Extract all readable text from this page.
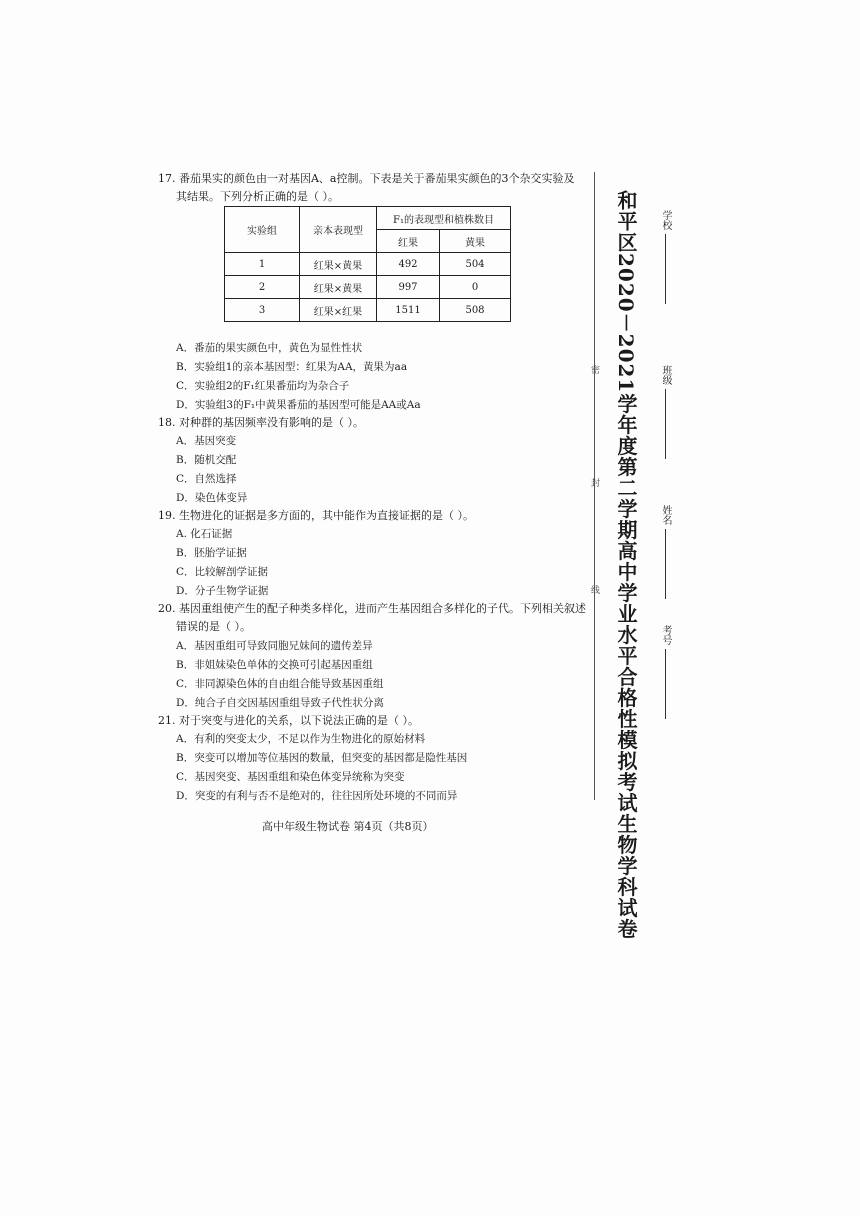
17. 番茄果实的颜色由一对基因A、a控制。下表是关于番茄果实颜色的3个杂交实验及
其结果。下列分析正确的是（ ）。
实验组	亲本表现型	F₁的表现型和植株数目	
		红果	黄果
1	红果×黄果	492	504
2	红果×黄果	997	0
3	红果×红果	1511	508
A．番茄的果实颜色中，黄色为显性性状
B．实验组1的亲本基因型：红果为AA，黄果为aa
C．实验组2的F₁红果番茄均为杂合子
D．实验组3的F₁中黄果番茄的基因型可能是AA或Aa
18. 对种群的基因频率没有影响的是（ ）。
A．基因突变
B．随机交配
C．自然选择
D．染色体变异
19. 生物进化的证据是多方面的，其中能作为直接证据的是（ ）。
A. 化石证据
B．胚胎学证据
C．比较解剖学证据
D．分子生物学证据
20. 基因重组使产生的配子种类多样化，进而产生基因组合多样化的子代。下列相关叙述
错误的是（ ）。
A．基因重组可导致同胞兄妹间的遗传差异
B．非姐妹染色单体的交换可引起基因重组
C．非同源染色体的自由组合能导致基因重组
D．纯合子自交因基因重组导致子代性状分离
21. 对于突变与进化的关系，以下说法正确的是（ ）。
A．有利的突变太少，不足以作为生物进化的原始材料
B．突变可以增加等位基因的数量，但突变的基因都是隐性基因
C．基因突变、基因重组和染色体变异统称为突变
D．突变的有利与否不是绝对的，往往因所处环境的不同而异
高中年级生物试卷 第4页（共8页）
密
封
线 和平区2020－2021学年度第二学期高中学业水平合格性模拟考试生物学科试卷	学校
班级
姓名
考号
